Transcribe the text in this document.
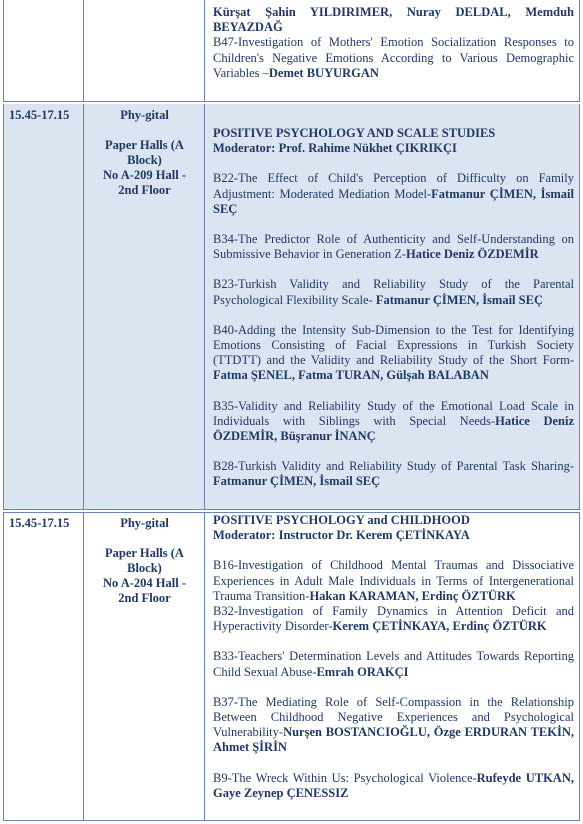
Kürşat Şahin YILDIRIMER, Nuray DELDAL, Memduh BEYAZDAĞ

B47-Investigation of Mothers' Emotion Socialization Responses to Children's Negative Emotions According to Various Demographic Variables –Demet BUYURGAN

15.45-17.15	Phy-gital
Paper Halls (A
Block)
No A-209 Hall -
2nd Floor

POSITIVE PSYCHOLOGY AND SCALE STUDIES

Moderator: Prof. Rahime Nükhet ÇIKRIKÇI

B22-The Effect of Child's Perception of Difficulty on Family Adjustment: Moderated Mediation Model-Fatmanur ÇİMEN, İsmail SEÇ

B34-The Predictor Role of Authenticity and Self-Understanding on Submissive Behavior in Generation Z-Hatice Deniz ÖZDEMİR

B23-Turkish Validity and Reliability Study of the Parental Psychological Flexibility Scale- Fatmanur ÇİMEN, İsmail SEÇ

B40-Adding the Intensity Sub-Dimension to the Test for Identifying Emotions Consisting of Facial Expressions in Turkish Society (TTDTT) and the Validity and Reliability Study of the Short Form-Fatma ŞENEL, Fatma TURAN, Gülşah BALABAN

B35-Validity and Reliability Study of the Emotional Load Scale in Individuals with Siblings with Special Needs-Hatice Deniz ÖZDEMİR, Büşranur İNANÇ

B28-Turkish Validity and Reliability Study of Parental Task Sharing-Fatmanur ÇİMEN, İsmail SEÇ

15.45-17.15	Phy-gital
Paper Halls (A
Block)
No A-204 Hall -
2nd Floor

POSITIVE PSYCHOLOGY and CHILDHOOD

Moderator: Instructor Dr. Kerem ÇETİNKAYA

B16-Investigation of Childhood Mental Traumas and Dissociative Experiences in Adult Male Individuals in Terms of Intergenerational Trauma Transition-Hakan KARAMAN, Erdinç ÖZTÜRK

B32-Investigation of Family Dynamics in Attention Deficit and Hyperactivity Disorder-Kerem ÇETİNKAYA, Erdinç ÖZTÜRK

B33-Teachers' Determination Levels and Attitudes Towards Reporting Child Sexual Abuse-Emrah ORAKÇI

B37-The Mediating Role of Self-Compassion in the Relationship Between Childhood Negative Experiences and Psychological Vulnerability-Nurşen BOSTANCIOĞLU, Özge ERDURAN TEKİN, Ahmet ŞİRİN

B9-The Wreck Within Us: Psychological Violence-Rufeyde UTKAN, Gaye Zeynep ÇENESSIZ
